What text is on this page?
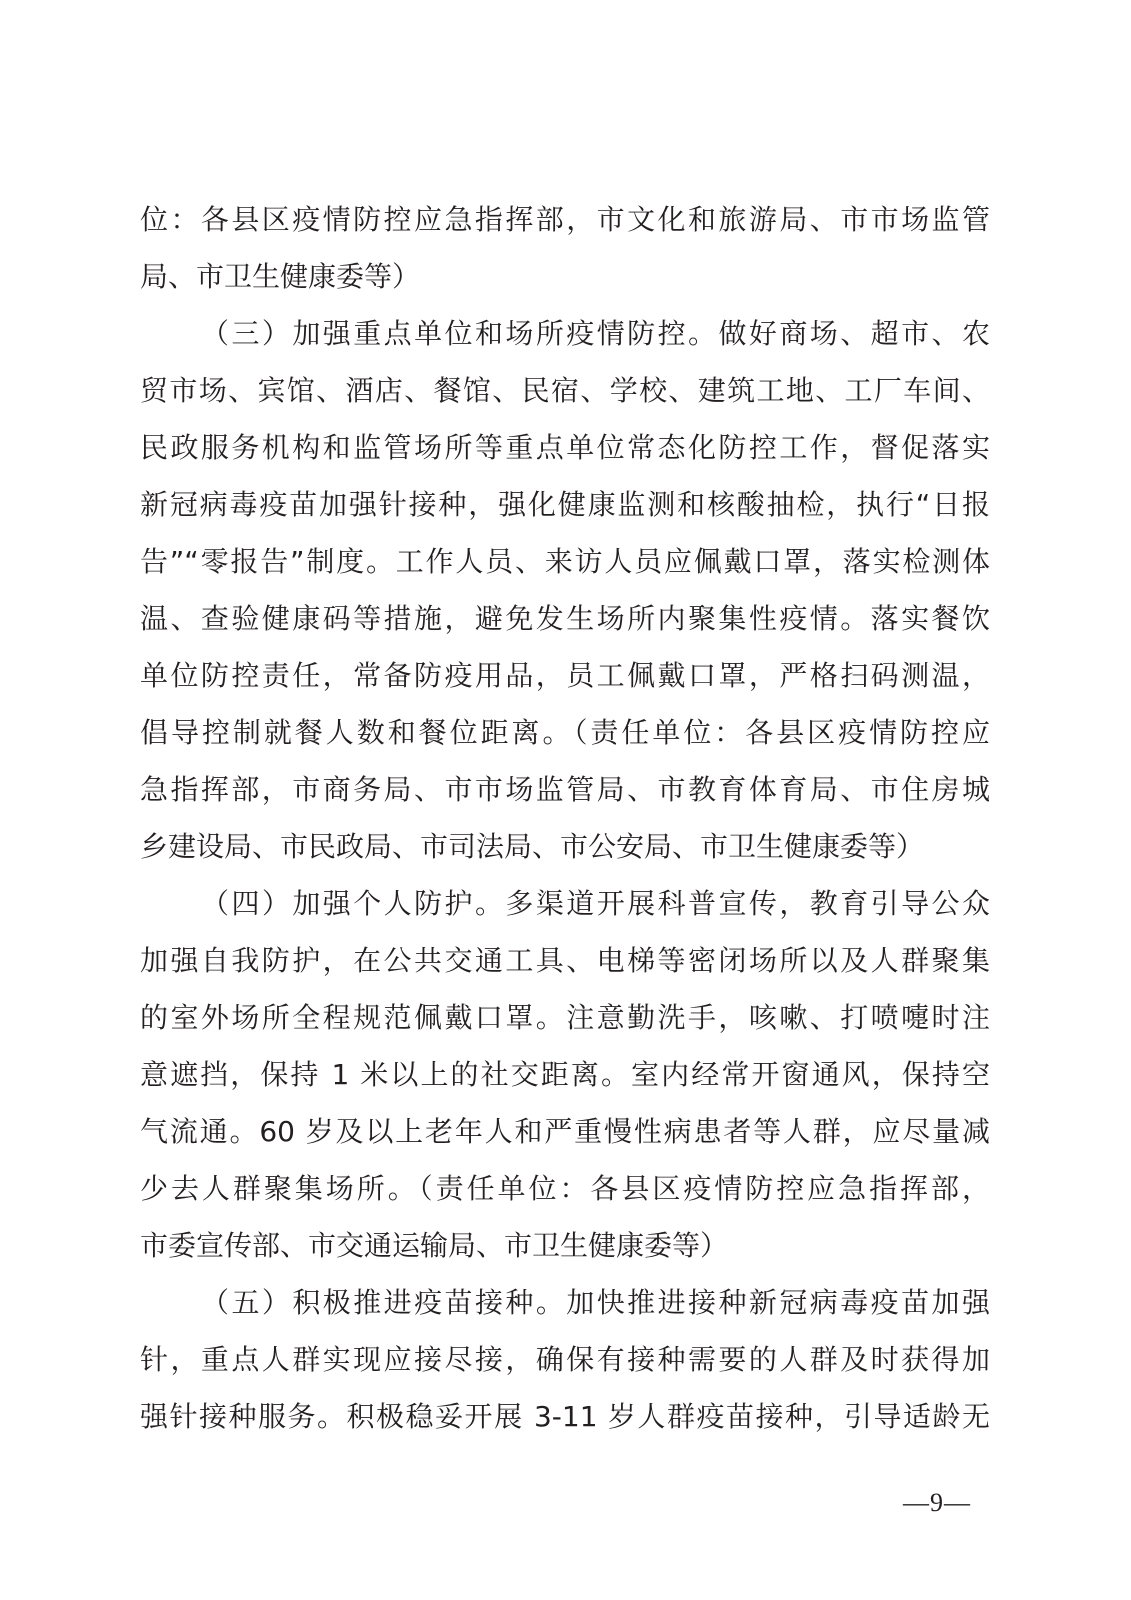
位：各县区疫情防控应急指挥部，市文化和旅游局、市市场监管
局、市卫生健康委等）
（三）加强重点单位和场所疫情防控。做好商场、超市、农
贸市场、宾馆、酒店、餐馆、民宿、学校、建筑工地、工厂车间、
民政服务机构和监管场所等重点单位常态化防控工作，督促落实
新冠病毒疫苗加强针接种，强化健康监测和核酸抽检，执行“日报
告”“零报告”制度。工作人员、来访人员应佩戴口罩，落实检测体
温、查验健康码等措施，避免发生场所内聚集性疫情。落实餐饮
单位防控责任，常备防疫用品，员工佩戴口罩，严格扫码测温，
倡导控制就餐人数和餐位距离。（责任单位：各县区疫情防控应
急指挥部，市商务局、市市场监管局、市教育体育局、市住房城
乡建设局、市民政局、市司法局、市公安局、市卫生健康委等）
（四）加强个人防护。多渠道开展科普宣传，教育引导公众
加强自我防护，在公共交通工具、电梯等密闭场所以及人群聚集
的室外场所全程规范佩戴口罩。注意勤洗手，咳嗽、打喷嚏时注
意遮挡，保持 1 米以上的社交距离。室内经常开窗通风，保持空
气流通。60 岁及以上老年人和严重慢性病患者等人群，应尽量减
少去人群聚集场所。（责任单位：各县区疫情防控应急指挥部，
市委宣传部、市交通运输局、市卫生健康委等）
（五）积极推进疫苗接种。加快推进接种新冠病毒疫苗加强
针，重点人群实现应接尽接，确保有接种需要的人群及时获得加
强针接种服务。积极稳妥开展 3-11 岁人群疫苗接种，引导适龄无
—9—
